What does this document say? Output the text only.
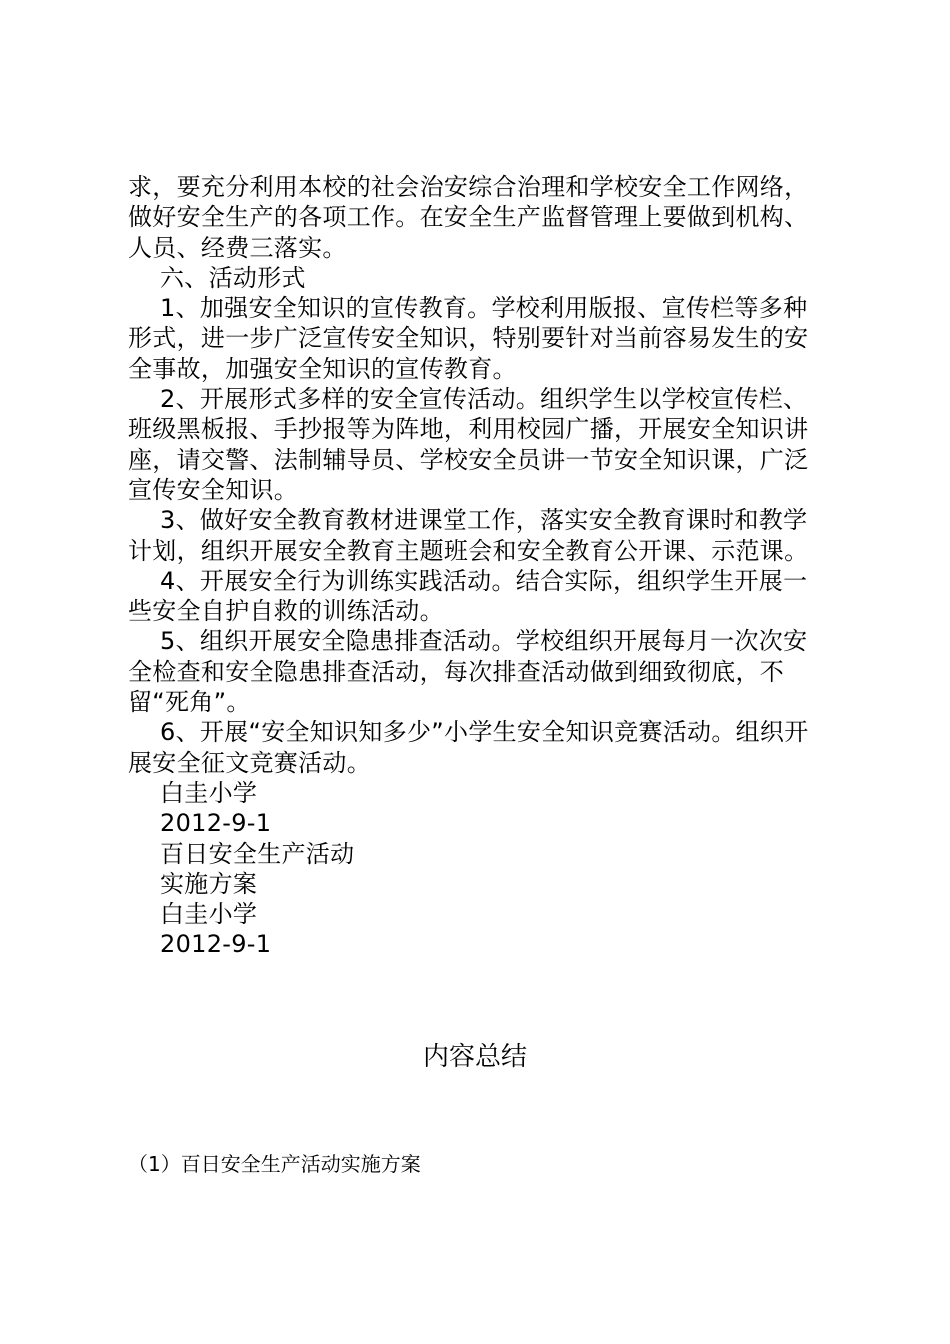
求，要充分利用本校的社会治安综合治理和学校安全工作网络，做好安全生产的各项工作。在安全生产监督管理上要做到机构、人员、经费三落实。

六、活动形式

1、加强安全知识的宣传教育。学校利用版报、宣传栏等多种形式，进一步广泛宣传安全知识，特别要针对当前容易发生的安全事故，加强安全知识的宣传教育。

2、开展形式多样的安全宣传活动。组织学生以学校宣传栏、班级黑板报、手抄报等为阵地，利用校园广播，开展安全知识讲座，请交警、法制辅导员、学校安全员讲一节安全知识课，广泛宣传安全知识。

3、做好安全教育教材进课堂工作，落实安全教育课时和教学计划，组织开展安全教育主题班会和安全教育公开课、示范课。

4、开展安全行为训练实践活动。结合实际，组织学生开展一些安全自护自救的训练活动。

5、组织开展安全隐患排查活动。学校组织开展每月一次次安全检查和安全隐患排查活动，每次排查活动做到细致彻底，不留“死角”。

6、开展“安全知识知多少”小学生安全知识竞赛活动。组织开展安全征文竞赛活动。

白圭小学

2012-9-1

百日安全生产活动

实施方案

白圭小学

2012-9-1

内容总结

（1）百日安全生产活动实施方案
